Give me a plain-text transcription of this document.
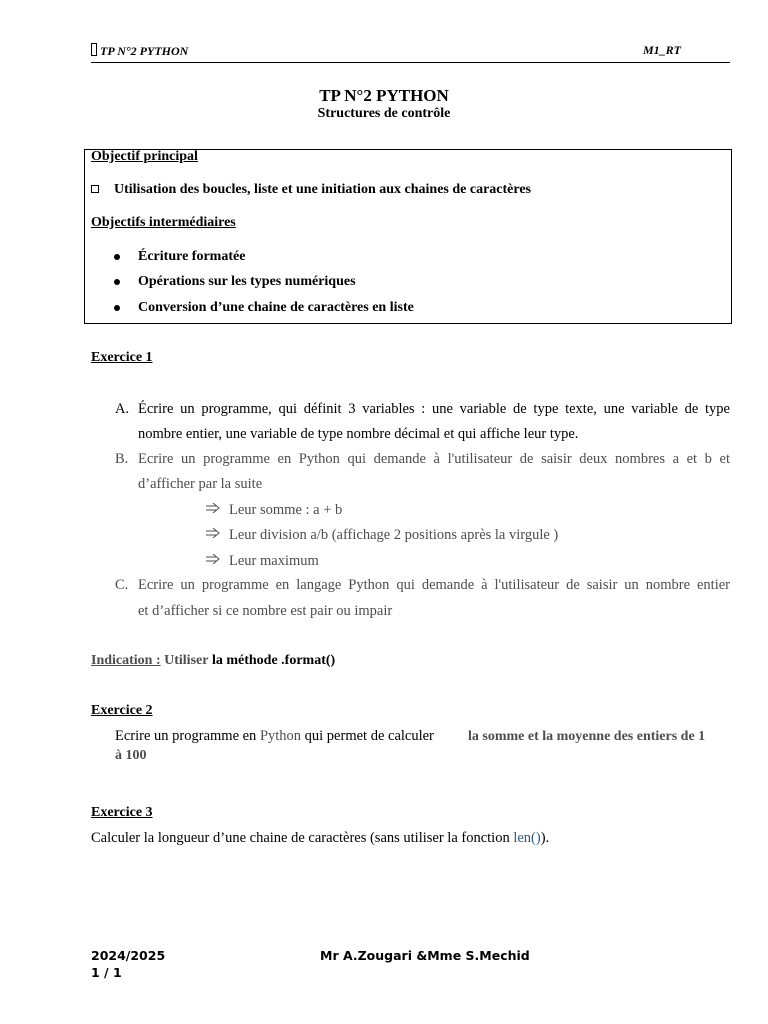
TP N°2 PYTHON	M1_RT
TP N°2 PYTHON
Structures de contrôle
Objectif principal
Utilisation des boucles, liste et une initiation aux chaines de caractères
Objectifs intermédiaires
Écriture formatée
Opérations sur les types numériques
Conversion d’une chaine de caractères en liste
Exercice 1
A. Écrire un programme, qui définit 3 variables : une variable de type texte, une variable de type
nombre entier, une variable de type nombre décimal et qui affiche leur type.
B. Ecrire un programme en Python qui demande à l'utilisateur de saisir deux nombres a et b et
d’afficher par la suite
Leur somme : a + b
Leur division a/b (affichage 2 positions après la virgule )
Leur maximum
C. Ecrire un programme en langage Python qui demande à l'utilisateur de saisir un nombre entier
et d’afficher si ce nombre est pair ou impair
Indication : Utiliser la méthode .format()
Exercice 2
Ecrire un programme en Python qui permet de calculer la somme et la moyenne des entiers de 1
à 100
Exercice 3
Calculer la longueur d’une chaine de caractères (sans utiliser la fonction len()).
2024/2025	Mr A.Zougari &Mme S.Mechid
1 / 1
